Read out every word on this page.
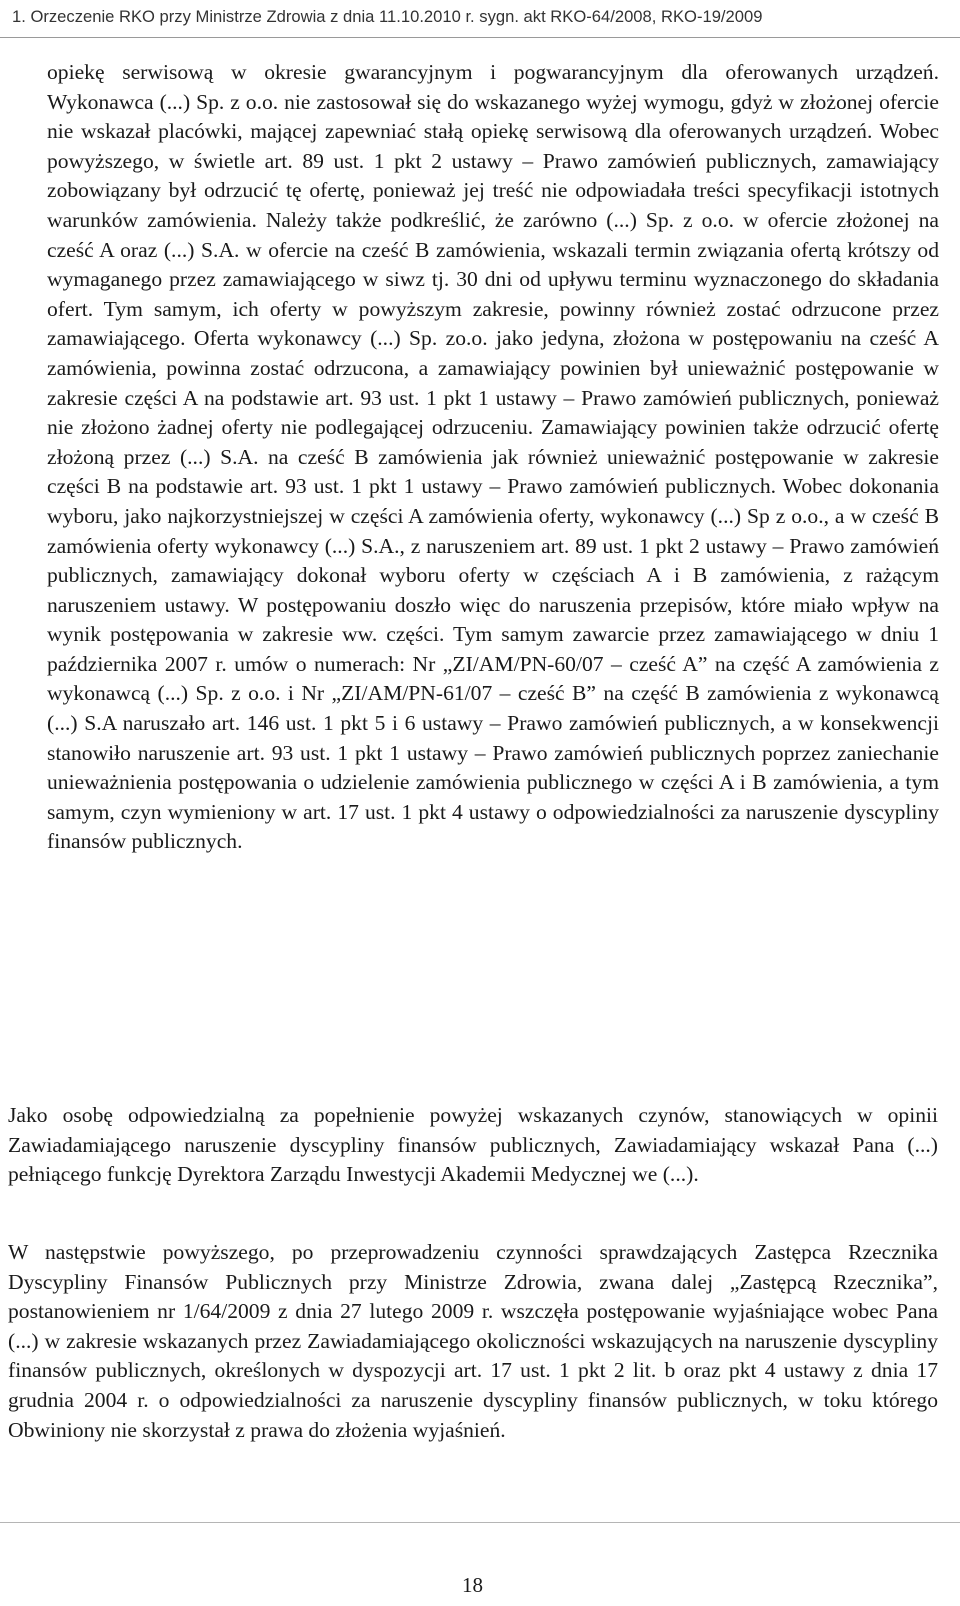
1. Orzeczenie RKO przy Ministrze Zdrowia z dnia 11.10.2010 r. sygn. akt RKO-64/2008, RKO-19/2009

opiekę serwisową w okresie gwarancyjnym i pogwarancyjnym dla oferowanych urządzeń. Wykonawca (...) Sp. z o.o. nie zastosował się do wskazanego wyżej wymogu, gdyż w złożonej ofercie nie wskazał placówki, mającej zapewniać stałą opiekę serwisową dla oferowanych urządzeń. Wobec powyższego, w świetle art. 89 ust. 1 pkt 2 ustawy – Prawo zamówień publicznych, zamawiający zobowiązany był odrzucić tę ofertę, ponieważ jej treść nie odpowiadała treści specyfikacji istotnych warunków zamówienia. Należy także podkreślić, że zarówno (...) Sp. z o.o. w ofercie złożonej na cześć A oraz (...) S.A. w ofercie na cześć B zamówienia, wskazali termin związania ofertą krótszy od wymaganego przez zamawiającego w siwz tj. 30 dni od upływu terminu wyznaczonego do składania ofert. Tym samym, ich oferty w powyższym zakresie, powinny również zostać odrzucone przez zamawiającego. Oferta wykonawcy (...) Sp. zo.o. jako jedyna, złożona w postępowaniu na cześć A zamówienia, powinna zostać odrzucona, a zamawiający powinien był unieważnić postępowanie w zakresie części A na podstawie art. 93 ust. 1 pkt 1 ustawy – Prawo zamówień publicznych, ponieważ nie złożono żadnej oferty nie podlegającej odrzuceniu. Zamawiający powinien także odrzucić ofertę złożoną przez (...) S.A. na cześć B zamówienia jak również unieważnić postępowanie w zakresie części B na podstawie art. 93 ust. 1 pkt 1 ustawy – Prawo zamówień publicznych. Wobec dokonania wyboru, jako najkorzystniejszej w części A zamówienia oferty, wykonawcy (...) Sp z o.o., a w cześć B zamówienia oferty wykonawcy (...) S.A., z naruszeniem art. 89 ust. 1 pkt 2 ustawy – Prawo zamówień publicznych, zamawiający dokonał wyboru oferty w częściach A i B zamówienia, z rażącym naruszeniem ustawy. W postępowaniu doszło więc do naruszenia przepisów, które miało wpływ na wynik postępowania w zakresie ww. części. Tym samym zawarcie przez zamawiającego w dniu 1 października 2007 r. umów o numerach: Nr „ZI/AM/PN-60/07 – cześć A” na część A zamówienia z wykonawcą (...) Sp. z o.o. i Nr „ZI/AM/PN-61/07 – cześć B” na część B zamówienia z wykonawcą (...) S.A naruszało art. 146 ust. 1 pkt 5 i 6 ustawy – Prawo zamówień publicznych, a w konsekwencji stanowiło naruszenie art. 93 ust. 1 pkt 1 ustawy – Prawo zamówień publicznych poprzez zaniechanie unieważnienia postępowania o udzielenie zamówienia publicznego w części A i B zamówienia, a tym samym, czyn wymieniony w art. 17 ust. 1 pkt 4 ustawy o odpowiedzialności za naruszenie dyscypliny finansów publicznych.

Jako osobę odpowiedzialną za popełnienie powyżej wskazanych czynów, stanowiących w opinii Zawiadamiającego naruszenie dyscypliny finansów publicznych, Zawiadamiający wskazał Pana (...) pełniącego funkcję Dyrektora Zarządu Inwestycji Akademii Medycznej we (...).

W następstwie powyższego, po przeprowadzeniu czynności sprawdzających Zastępca Rzecznika Dyscypliny Finansów Publicznych przy Ministrze Zdrowia, zwana dalej „Zastępcą Rzecznika”, postanowieniem nr 1/64/2009 z dnia 27 lutego 2009 r. wszczęła postępowanie wyjaśniające wobec Pana (...) w zakresie wskazanych przez Zawiadamiającego okoliczności wskazujących na naruszenie dyscypliny finansów publicznych, określonych w dyspozycji art. 17 ust. 1 pkt 2 lit. b oraz pkt 4 ustawy z dnia 17 grudnia 2004 r. o odpowiedzialności za naruszenie dyscypliny finansów publicznych, w toku którego Obwiniony nie skorzystał z prawa do złożenia wyjaśnień.

18
